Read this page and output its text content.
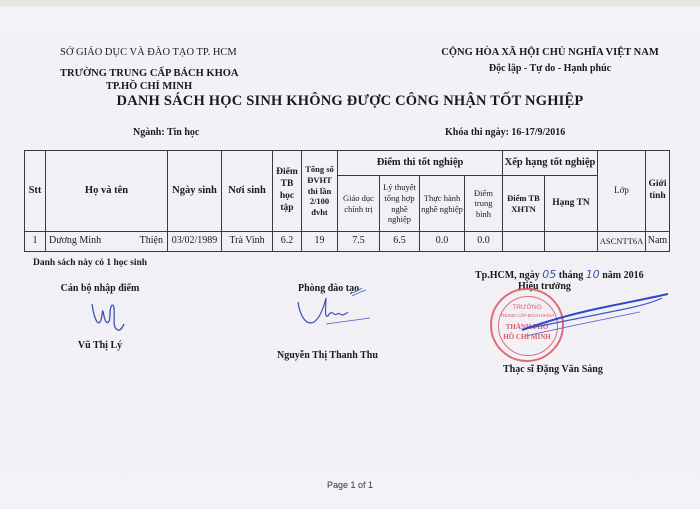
SỞ GIÁO DỤC VÀ ĐÀO TẠO TP. HCM
TRƯỜNG TRUNG CẤP BÁCH KHOA
TP.HỒ CHÍ MINH
CỘNG HÒA XÃ HỘI CHỦ NGHĨA VIỆT NAM
Độc lập - Tự do - Hạnh phúc
DANH SÁCH HỌC SINH KHÔNG ĐƯỢC CÔNG NHẬN TỐT NGHIỆP
Ngành: Tin học	Khóa thi ngày: 16-17/9/2016
Stt	Họ và tên	Ngày sinh	Nơi sinh	Điểm TB học tập	Tổng số ĐVHT thi lần 2/100 đvht	Điểm thi tốt nghiệp				Xếp hạng tốt nghiệp		Lớp	Giới tính
						Giáo dục chính trị	Lý thuyết tổng hợp nghề nghiệp	Thực hành nghề nghiệp	Điểm trung bình	Điểm TB XHTN	Hạng TN		
1	Dương Minh Thiện	03/02/1989	Trà Vinh	6.2	19	7.5	6.5	0.0	0.0			ASCNTT6A	Nam
Danh sách này có 1 học sinh
Cán bộ nhập điểm
Vũ Thị Lý
Phòng đào tạo
Nguyễn Thị Thanh Thu
Tp.HCM, ngày 05 tháng 10 năm 2016
Hiệu trưởng
TRƯỜNG
TRUNG CẤP BÁCH KHOA
THÀNH PHỐ
HỒ CHÍ MINH
Thạc sĩ Đặng Văn Sáng
Page 1 of 1
